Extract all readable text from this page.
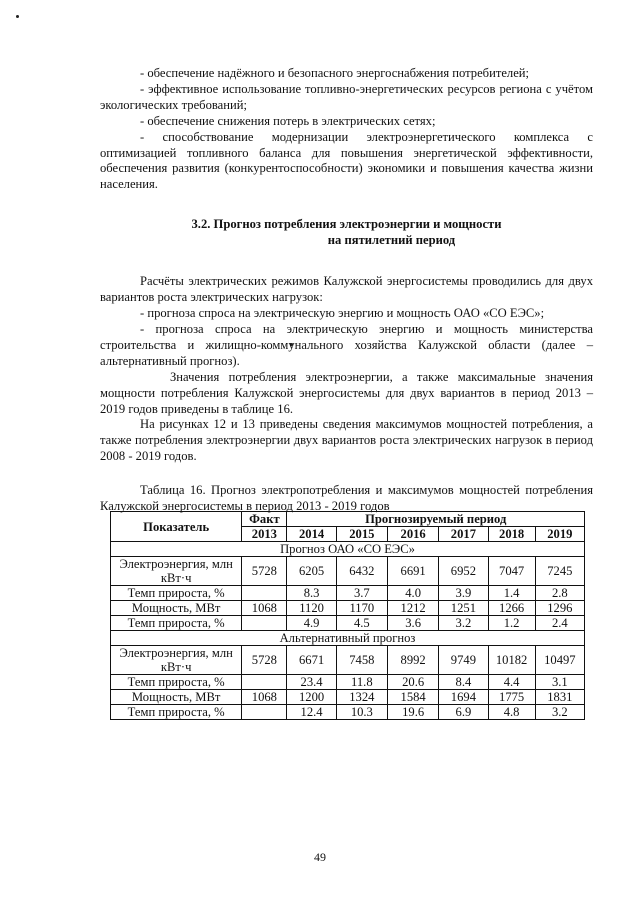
- обеспечение надёжного и безопасного энергоснабжения потребителей;

- эффективное использование топливно-энергетических ресурсов региона с учётом экологических требований;

- обеспечение снижения потерь в электрических сетях;

- способствование модернизации электроэнергетического комплекса с оптимизацией топливного баланса для повышения энергетической эффективности, обеспечения развития (конкурентоспособности) экономики и повышения качества жизни населения.

3.2. Прогноз потребления электроэнергии и мощности
на пятилетний период

Расчёты электрических режимов Калужской энергосистемы проводились для двух вариантов роста электрических нагрузок:

- прогноза спроса на электрическую энергию и мощность ОАО «СО ЕЭС»;

- прогноза спроса на электрическую энергию и мощность министерства строительства и жилищно-коммунального хозяйства Калужской области (далее – альтернативный прогноз).

Значения потребления электроэнергии, а также максимальные значения мощности потребления Калужской энергосистемы для двух вариантов в период 2013 – 2019 годов приведены в таблице 16.

На рисунках 12 и 13 приведены сведения максимумов мощностей потребления, а также потребления электроэнергии двух вариантов роста электрических нагрузок в период 2008 - 2019 годов.

Таблица 16. Прогноз электропотребления и максимумов мощностей потребления Калужской энергосистемы в период 2013 - 2019 годов

Показатель	Факт	Прогнозируемый период					
	2013	2014	2015	2016	2017	2018	2019
Прогноз ОАО «СО ЕЭС»							
Электроэнергия, млн кВт·ч	5728	6205	6432	6691	6952	7047	7245
Темп прироста, %		8.3	3.7	4.0	3.9	1.4	2.8
Мощность, МВт	1068	1120	1170	1212	1251	1266	1296
Темп прироста, %		4.9	4.5	3.6	3.2	1.2	2.4
Альтернативный прогноз							
Электроэнергия, млн кВт·ч	5728	6671	7458	8992	9749	10182	10497
Темп прироста, %		23.4	11.8	20.6	8.4	4.4	3.1
Мощность, МВт	1068	1200	1324	1584	1694	1775	1831
Темп прироста, %		12.4	10.3	19.6	6.9	4.8	3.2
49
